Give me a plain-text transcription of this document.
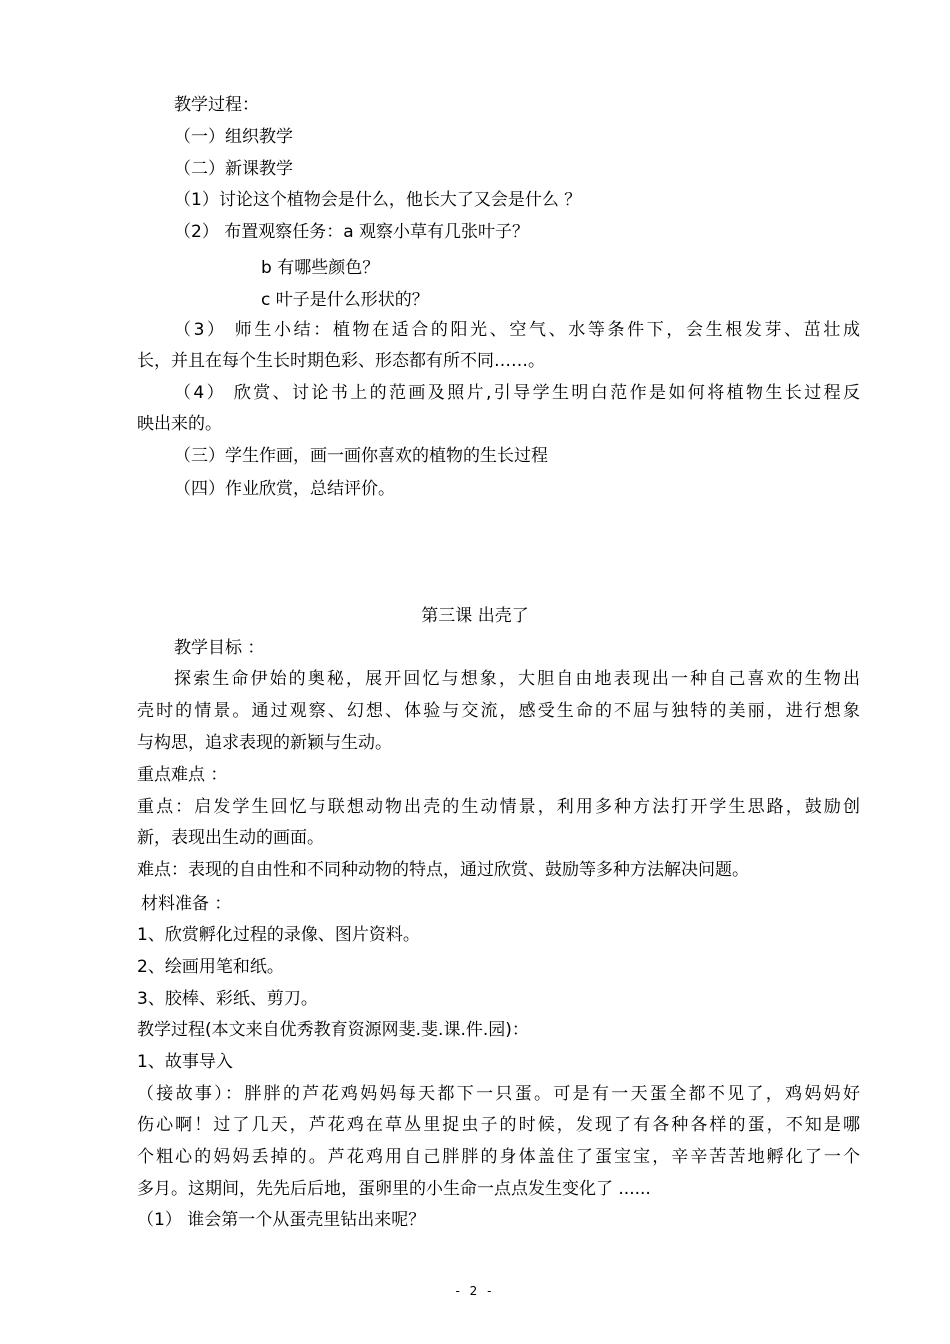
教学过程：
（一）组织教学
（二）新课教学
（1）讨论这个植物会是什么，他长大了又会是什么 ？
（2） 布置观察任务：a 观察小草有几张叶子？
b 有哪些颜色？
c 叶子是什么形状的？
（3） 师生小结：植物在适合的阳光、空气、水等条件下，会生根发芽、茁壮成
长，并且在每个生长时期色彩、形态都有所不同……。
（4） 欣赏、讨论书上的范画及照片,引导学生明白范作是如何将植物生长过程反
映出来的。
（三）学生作画，画一画你喜欢的植物的生长过程
（四）作业欣赏，总结评价。
第三课 出壳了
教学目标 ：
探索生命伊始的奥秘，展开回忆与想象，大胆自由地表现出一种自己喜欢的生物出
壳时的情景。通过观察、幻想、体验与交流，感受生命的不屈与独特的美丽，进行想象
与构思，追求表现的新颖与生动。
重点难点 ：
重点：启发学生回忆与联想动物出壳的生动情景，利用多种方法打开学生思路，鼓励创
新，表现出生动的画面。
难点：表现的自由性和不同种动物的特点，通过欣赏、鼓励等多种方法解决问题。
材料准备 ：
1、欣赏孵化过程的录像、图片资料。
2、绘画用笔和纸。
3、胶棒、彩纸、剪刀。
教学过程(本文来自优秀教育资源网斐.斐.课.件.园)：
1、故事导入
（接故事）：胖胖的芦花鸡妈妈每天都下一只蛋。可是有一天蛋全都不见了，鸡妈妈好
伤心啊！过了几天，芦花鸡在草丛里捉虫子的时候，发现了有各种各样的蛋，不知是哪
个粗心的妈妈丢掉的。芦花鸡用自己胖胖的身体盖住了蛋宝宝，辛辛苦苦地孵化了一个
多月。这期间，先先后后地，蛋卵里的小生命一点点发生变化了 ......
（1） 谁会第一个从蛋壳里钻出来呢？
- 2 -
